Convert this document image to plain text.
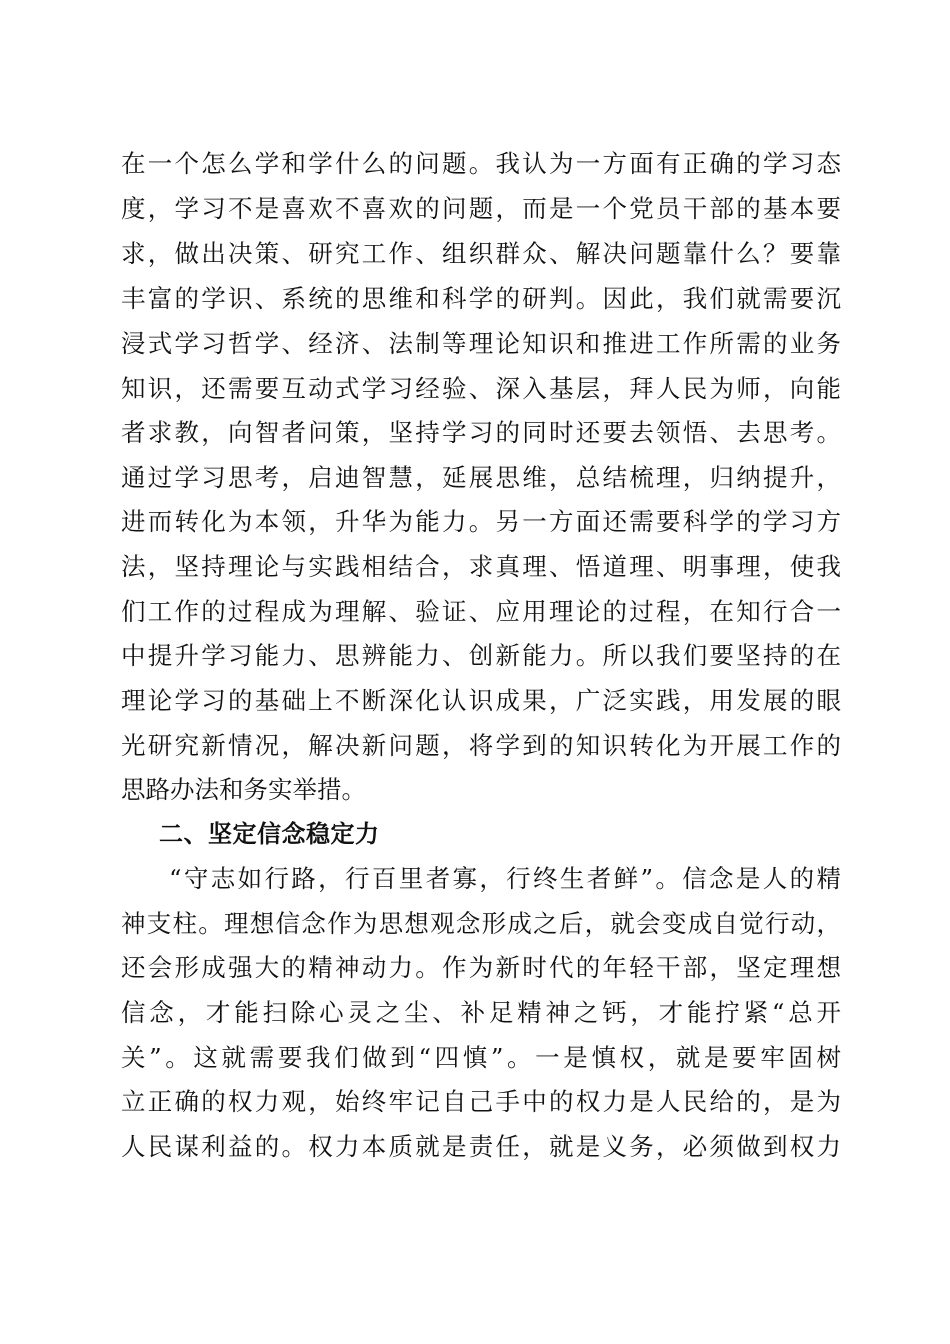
在一个怎么学和学什么的问题。我认为一方面有正确的学习态
度，学习不是喜欢不喜欢的问题，而是一个党员干部的基本要
求，做出决策、研究工作、组织群众、解决问题靠什么？要靠
丰富的学识、系统的思维和科学的研判。因此，我们就需要沉
浸式学习哲学、经济、法制等理论知识和推进工作所需的业务
知识，还需要互动式学习经验、深入基层，拜人民为师，向能
者求教，向智者问策，坚持学习的同时还要去领悟、去思考。
通过学习思考，启迪智慧，延展思维，总结梳理，归纳提升，
进而转化为本领，升华为能力。另一方面还需要科学的学习方
法，坚持理论与实践相结合，求真理、悟道理、明事理，使我
们工作的过程成为理解、验证、应用理论的过程，在知行合一
中提升学习能力、思辨能力、创新能力。所以我们要坚持的在
理论学习的基础上不断深化认识成果，广泛实践，用发展的眼
光研究新情况，解决新问题，将学到的知识转化为开展工作的
思路办法和务实举措。
二、坚定信念稳定力
“守志如行路，行百里者寡，行终生者鲜”。信念是人的精
神支柱。理想信念作为思想观念形成之后，就会变成自觉行动，
还会形成强大的精神动力。作为新时代的年轻干部，坚定理想
信念，才能扫除心灵之尘、补足精神之钙，才能拧紧“总开
关”。这就需要我们做到“四慎”。一是慎权，就是要牢固树
立正确的权力观，始终牢记自己手中的权力是人民给的，是为
人民谋利益的。权力本质就是责任，就是义务，必须做到权力
